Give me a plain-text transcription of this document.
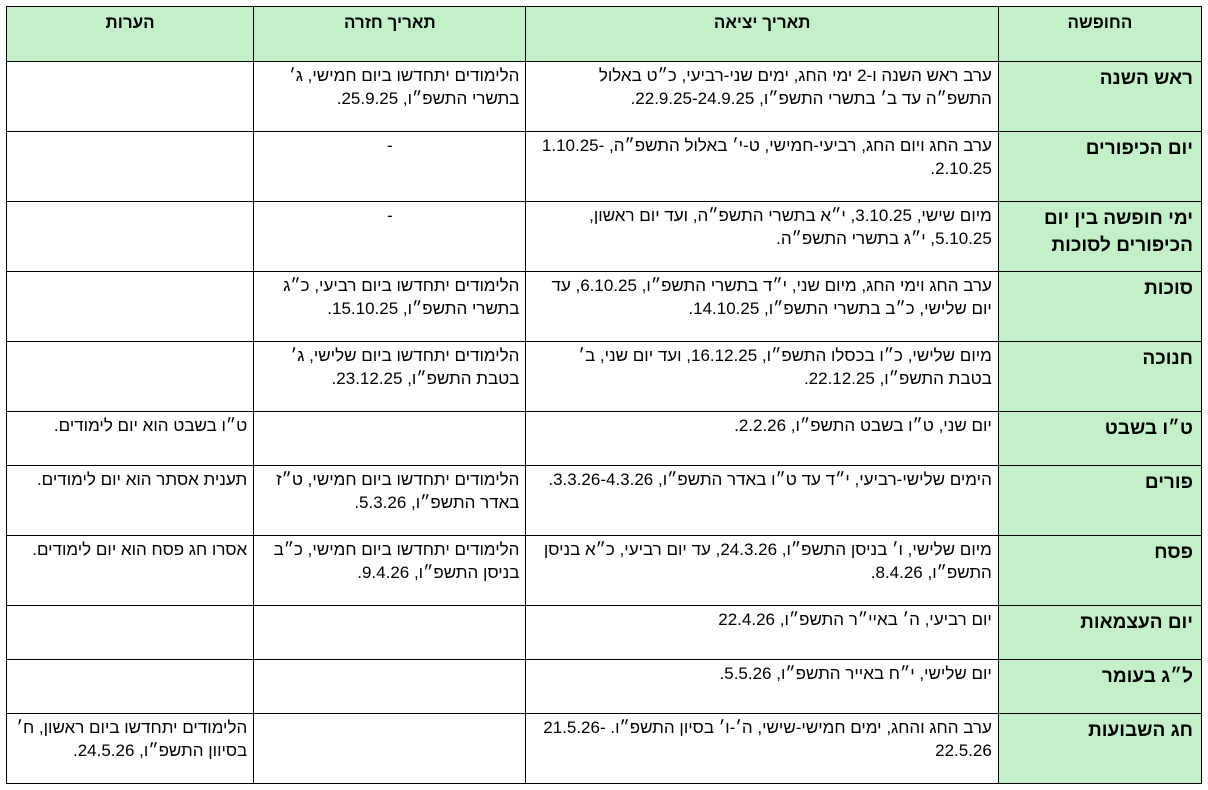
החופשה	תאריך יציאה	תאריך חזרה	הערות
ראש השנה	ערב ראש השנה ו-2 ימי החג, ימים שני-רביעי, כ״ט באלול התשפ״ה עד ב׳ בתשרי התשפ״ו, 22.9.25-24.9.25.	הלימודים יתחדשו ביום חמישי, ג׳ בתשרי התשפ״ו, 25.9.25.	
יום הכיפורים	ערב החג ויום החג, רביעי-חמישי, ט-י׳ באלול התשפ״ה, 1.10.25-2.10.25.	-	
ימי חופשה בין יום הכיפורים לסוכות	מיום שישי, 3.10.25, י״א בתשרי התשפ״ה, ועד יום ראשון, 5.10.25, י״ג בתשרי התשפ״ה.	-	
סוכות	ערב החג וימי החג, מיום שני, י״ד בתשרי התשפ״ו, 6.10.25, עד יום שלישי, כ״ב בתשרי התשפ״ו, 14.10.25.	הלימודים יתחדשו ביום רביעי, כ״ג בתשרי התשפ״ו, 15.10.25.	
חנוכה	מיום שלישי, כ״ו בכסלו התשפ״ו, 16.12.25, ועד יום שני, ב׳ בטבת התשפ״ו, 22.12.25.	הלימודים יתחדשו ביום שלישי, ג׳ בטבת התשפ״ו, 23.12.25.	
ט״ו בשבט	יום שני, ט״ו בשבט התשפ״ו, 2.2.26.		ט״ו בשבט הוא יום לימודים.
פורים	הימים שלישי-רביעי, י״ד עד ט״ו באדר התשפ״ו, 3.3.26-4.3.26.	הלימודים יתחדשו ביום חמישי, ט״ז באדר התשפ״ו, 5.3.26.	תענית אסתר הוא יום לימודים.
פסח	מיום שלישי, ו׳ בניסן התשפ״ו, 24.3.26, עד יום רביעי, כ״א בניסן התשפ״ו, 8.4.26.	הלימודים יתחדשו ביום חמישי, כ״ב בניסן התשפ״ו, 9.4.26.	אסרו חג פסח הוא יום לימודים.
יום העצמאות	יום רביעי, ה׳ באיי״ר התשפ״ו, 22.4.26		
ל״ג בעומר	יום שלישי, י״ח באייר התשפ״ו, 5.5.26.		
חג השבועות	ערב החג והחג, ימים חמישי-שישי, ה׳-ו׳ בסיון התשפ״ו. 21.5.26-22.5.26		הלימודים יתחדשו ביום ראשון, ח׳ בסיוון התשפ״ו, 24.5.26.
